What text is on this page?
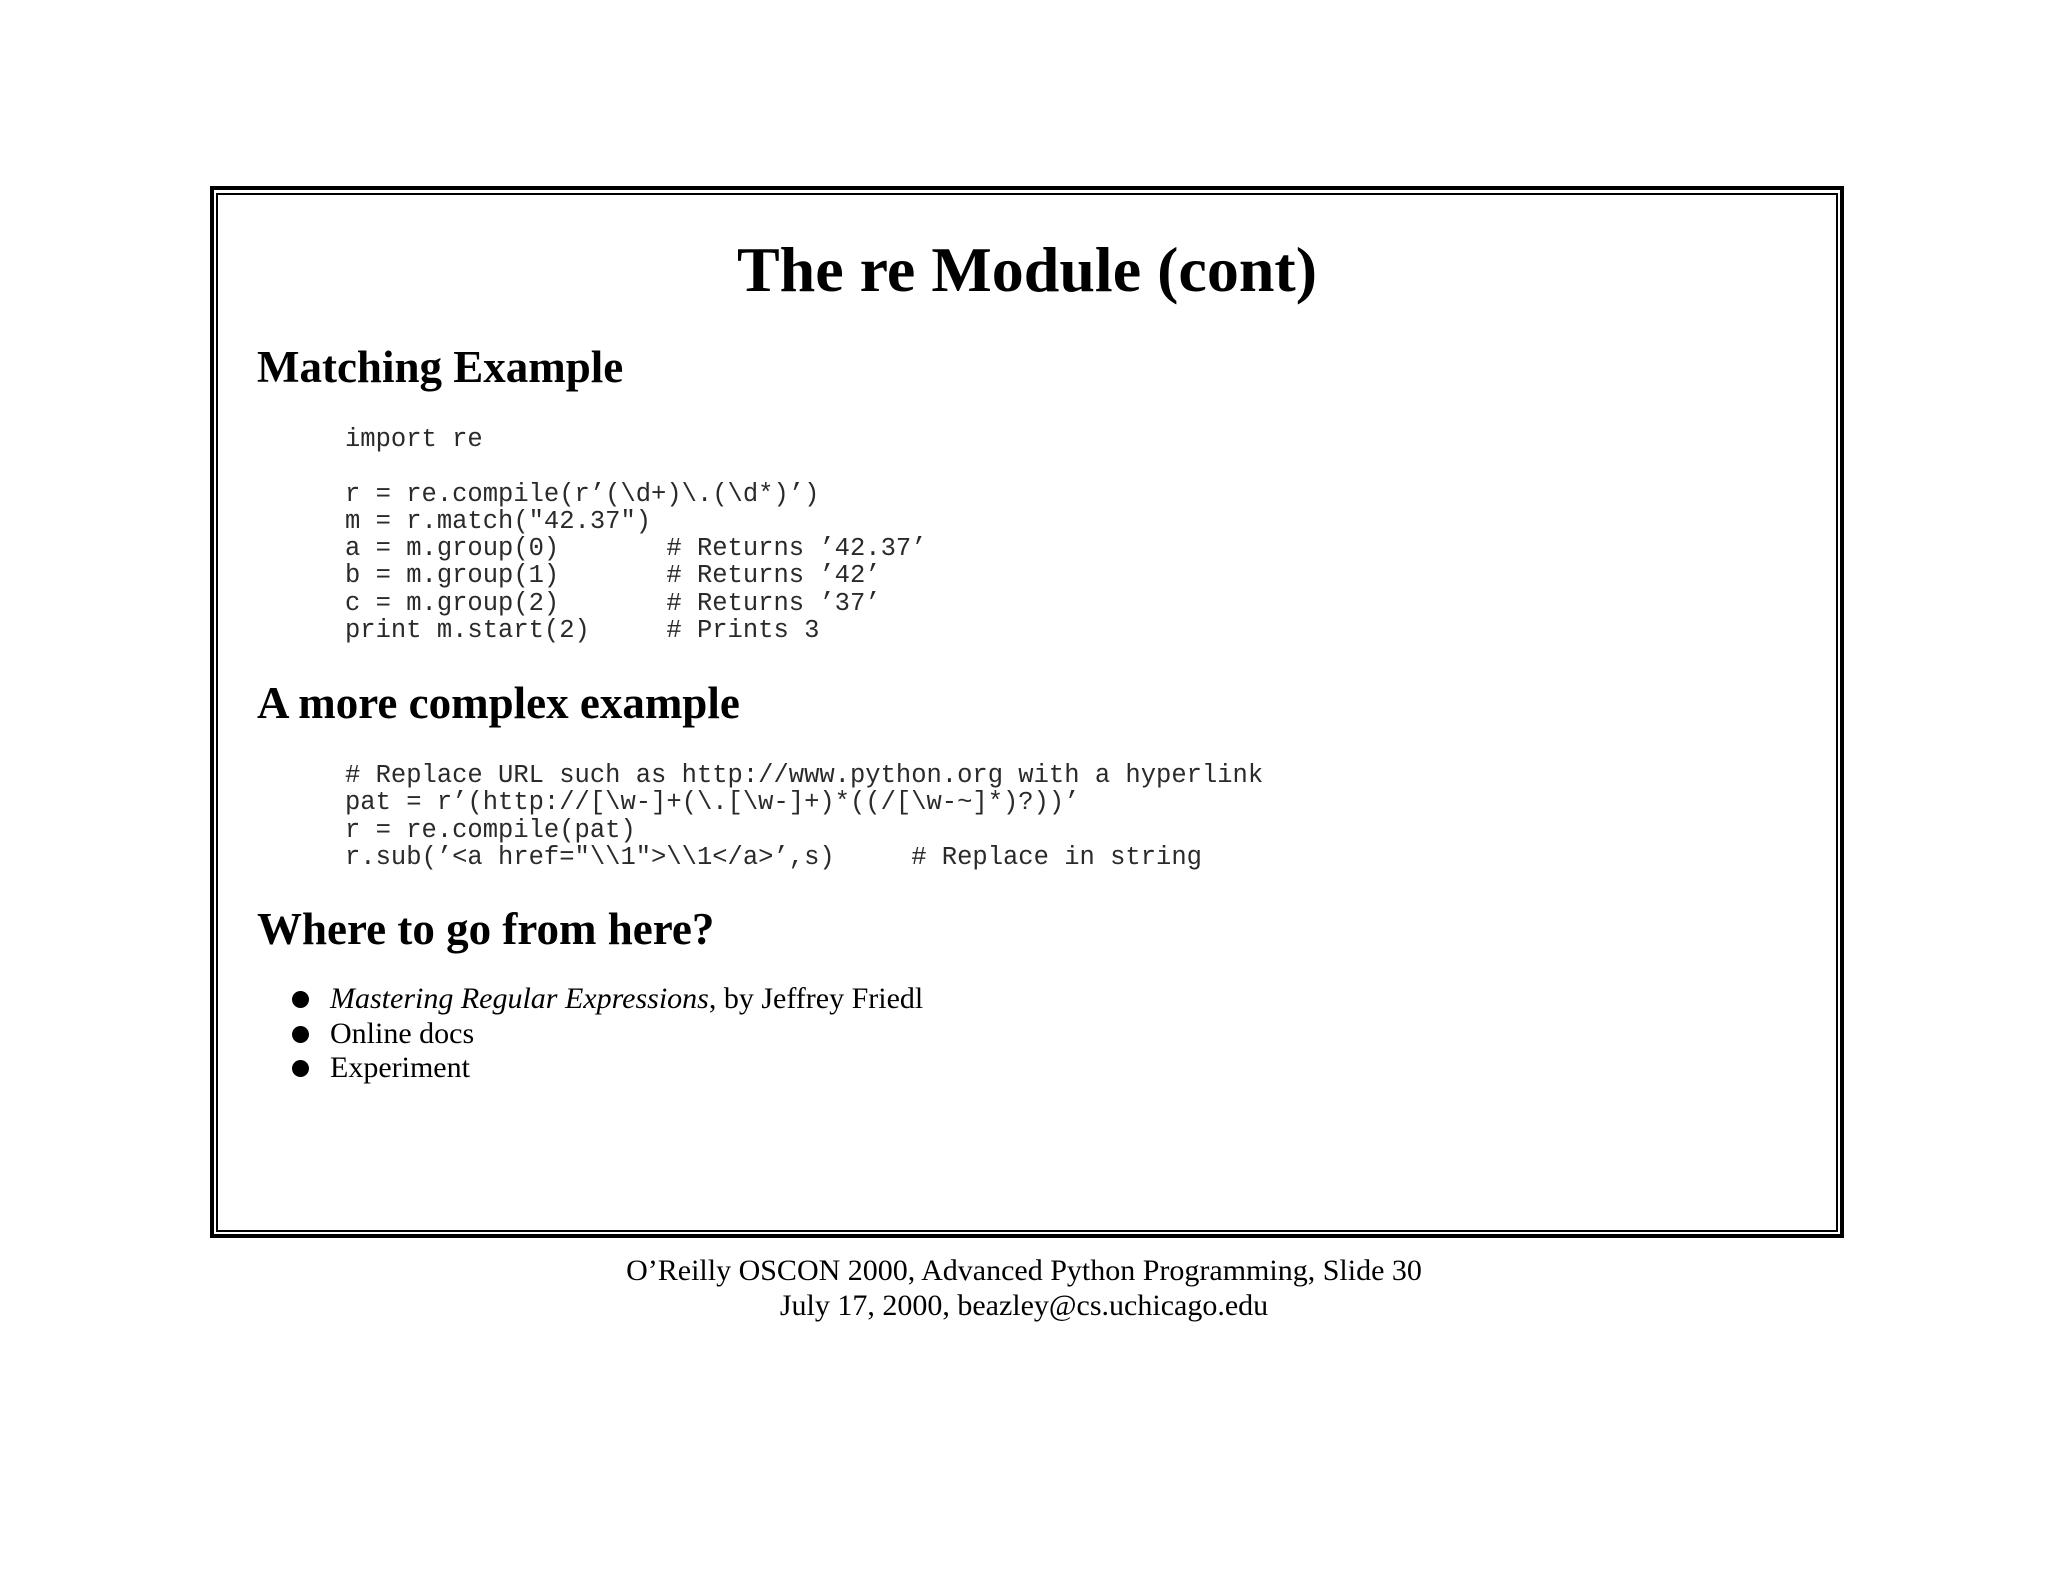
The re Module (cont)
Matching Example
import re

r = re.compile(r’(\d+)\.(\d*)’)
m = r.match("42.37")
a = m.group(0)       # Returns ’42.37’
b = m.group(1)       # Returns ’42’
c = m.group(2)       # Returns ’37’
print m.start(2)     # Prints 3
A more complex example
# Replace URL such as http://www.python.org with a hyperlink
pat = r’(http://[\w-]+(\.[\w-]+)*((/[\w-~]*)?))’
r = re.compile(pat)
r.sub(’<a href="\\1">\\1</a>’,s)     # Replace in string
Where to go from here?
Mastering Regular Expressions, by Jeffrey Friedl
Online docs
Experiment

O’Reilly OSCON 2000, Advanced Python Programming, Slide 30

July 17, 2000, beazley@cs.uchicago.edu
